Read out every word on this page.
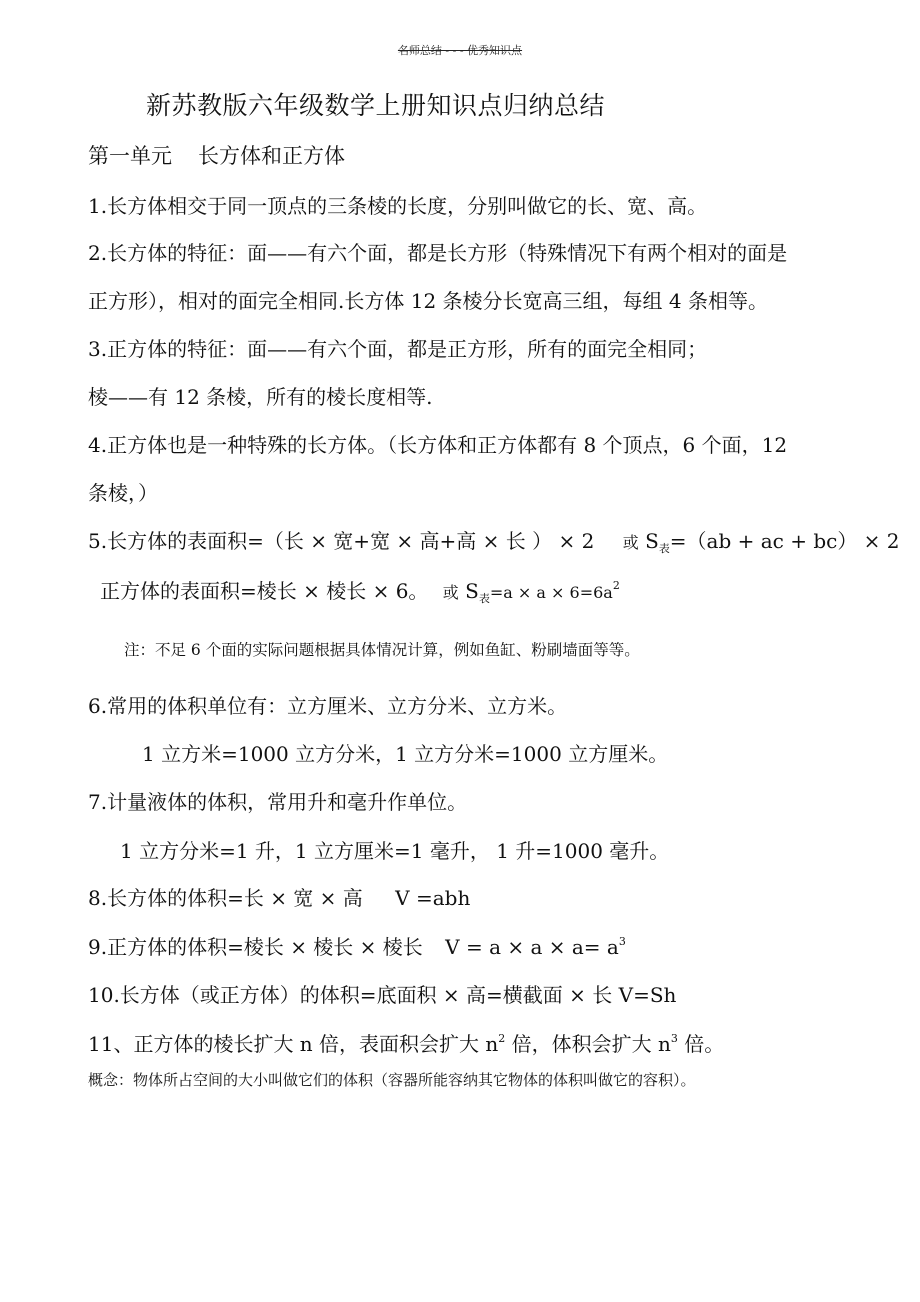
名师总结 - - - 优秀知识点
新苏教版六年级数学上册知识点归纳总结
第一单元 长方体和正方体
1.长方体相交于同一顶点的三条棱的长度，分别叫做它的长、宽、高。
2.长方体的特征：面——有六个面，都是长方形（特殊情况下有两个相对的面是
正方形），相对的面完全相同.长方体 12 条棱分长宽高三组，每组 4 条相等。
3.正方体的特征：面——有六个面，都是正方形，所有的面完全相同；
棱——有 12 条棱，所有的棱长度相等.
4.正方体也是一种特殊的长方体。（长方体和正方体都有 8 个顶点，6 个面，12
条棱，）
5.长方体的表面积=（长 × 宽+宽 × 高+高 × 长 ） × 2 或 $S_表=(ab$ + ac + bc） × 2
正方体的表面积=棱长 × 棱长 × 6。 或 $S_表=a \times a \times 6=6a^2$
注：不足 6 个面的实际问题根据具体情况计算，例如鱼缸、粉刷墙面等等。
6.常用的体积单位有：立方厘米、立方分米、立方米。
1 立方米=1000 立方分米，1 立方分米=1000 立方厘米。
7.计量液体的体积，常用升和毫升作单位。
1 立方分米=1 升，1 立方厘米=1 毫升， 1 升=1000 毫升。
8.长方体的体积=长 × 宽 × 高 V =abh
9.正方体的体积=棱长 × 棱长 × 棱长 $V = a \times a \times a= a^3$
10.长方体（或正方体）的体积=底面积 × 高=横截面 × 长 V=Sh
11、正方体的棱长扩大 n 倍，表面积会扩大 $n^2$ 倍，体积会扩大 $n^3$ 倍。
概念：物体所占空间的大小叫做它们的体积（容器所能容纳其它物体的体积叫做它的容积）。
